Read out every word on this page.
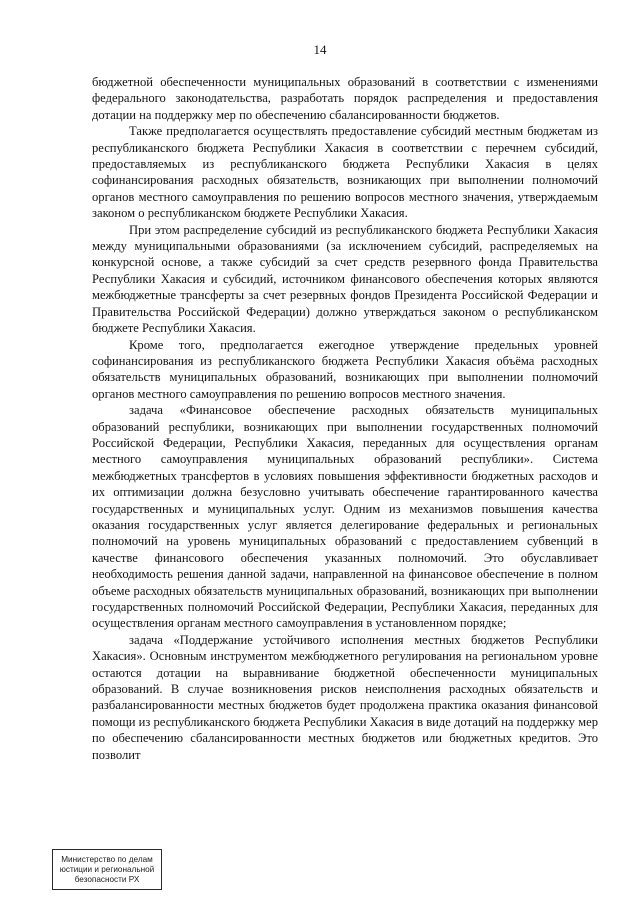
14

бюджетной обеспеченности муниципальных образований в соответствии с изменениями федерального законодательства, разработать порядок распределения и предоставления дотации на поддержку мер по обеспечению сбалансированности бюджетов.

Также предполагается осуществлять предоставление субсидий местным бюджетам из республиканского бюджета Республики Хакасия в соответствии с перечнем субсидий, предоставляемых из республиканского бюджета Республики Хакасия в целях софинансирования расходных обязательств, возникающих при выполнении полномочий органов местного самоуправления по решению вопросов местного значения, утверждаемым законом о республиканском бюджете Республики Хакасия.

При этом распределение субсидий из республиканского бюджета Республики Хакасия между муниципальными образованиями (за исключением субсидий, распределяемых на конкурсной основе, а также субсидий за счет средств резервного фонда Правительства Республики Хакасия и субсидий, источником финансового обеспечения которых являются межбюджетные трансферты за счет резервных фондов Президента Российской Федерации и Правительства Российской Федерации) должно утверждаться законом о республиканском бюджете Республики Хакасия.

Кроме того, предполагается ежегодное утверждение предельных уровней софинансирования из республиканского бюджета Республики Хакасия объёма расходных обязательств муниципальных образований, возникающих при выполнении полномочий органов местного самоуправления по решению вопросов местного значения.

задача «Финансовое обеспечение расходных обязательств муниципальных образований республики, возникающих при выполнении государственных полномочий Российской Федерации, Республики Хакасия, переданных для осуществления органам местного самоуправления муниципальных образований республики». Система межбюджетных трансфертов в условиях повышения эффективности бюджетных расходов и их оптимизации должна безусловно учитывать обеспечение гарантированного качества государственных и муниципальных услуг. Одним из механизмов повышения качества оказания государственных услуг является делегирование федеральных и региональных полномочий на уровень муниципальных образований с предоставлением субвенций в качестве финансового обеспечения указанных полномочий. Это обуславливает необходимость решения данной задачи, направленной на финансовое обеспечение в полном объеме расходных обязательств муниципальных образований, возникающих при выполнении государственных полномочий Российской Федерации, Республики Хакасия, переданных для осуществления органам местного самоуправления в установленном порядке;

задача «Поддержание устойчивого исполнения местных бюджетов Республики Хакасия». Основным инструментом межбюджетного регулирования на региональном уровне остаются дотации на выравнивание бюджетной обеспеченности муниципальных образований. В случае возникновения рисков неисполнения расходных обязательств и разбалансированности местных бюджетов будет продолжена практика оказания финансовой помощи из республиканского бюджета Республики Хакасия в виде дотаций на поддержку мер по обеспечению сбалансированности местных бюджетов или бюджетных кредитов. Это позволит

Министерство по делам
юстиции и региональной
безопасности РХ
